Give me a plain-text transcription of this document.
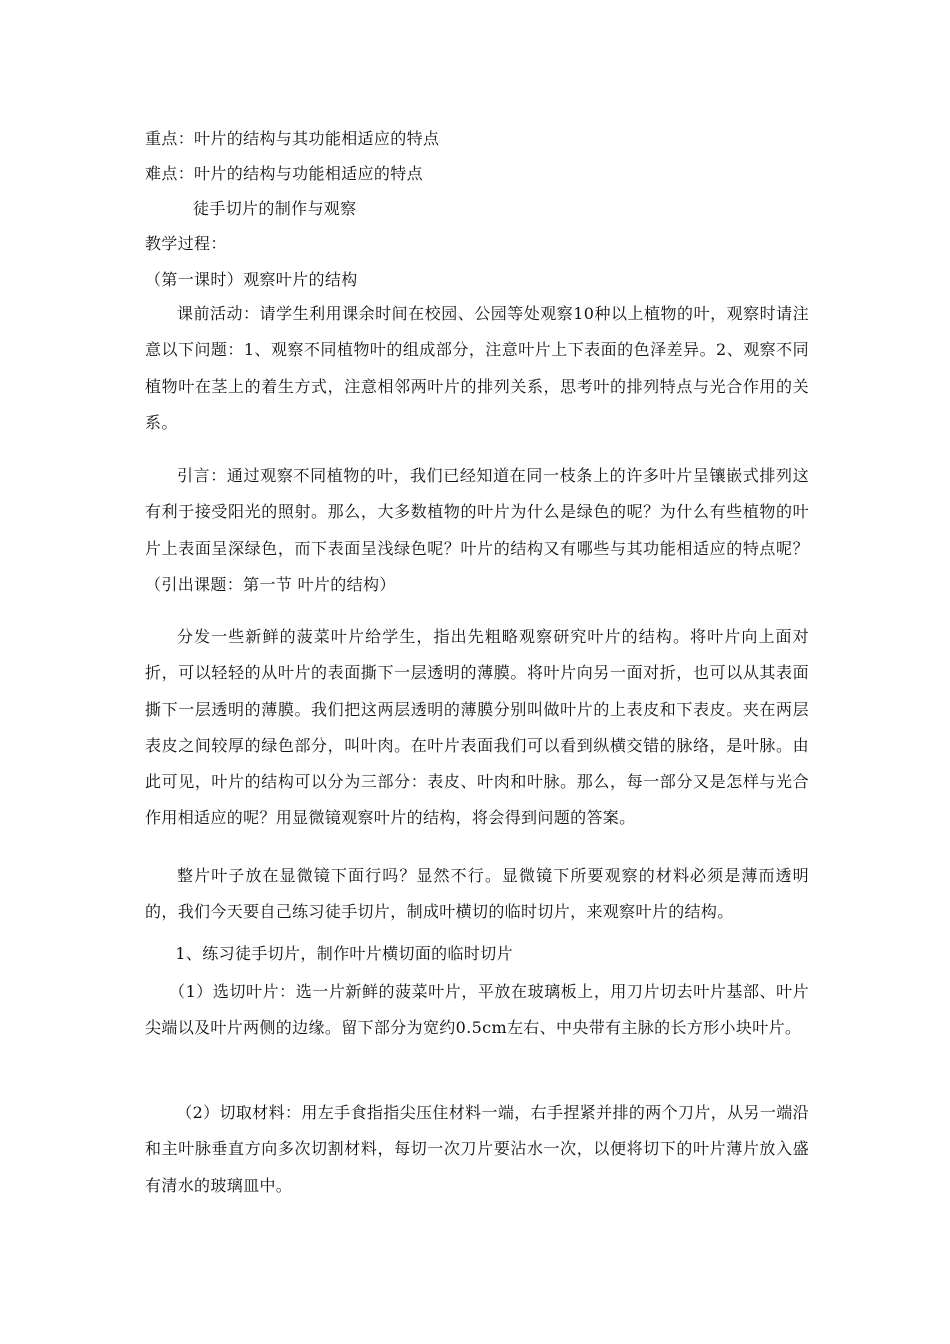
重点：叶片的结构与其功能相适应的特点
难点：叶片的结构与功能相适应的特点
徒手切片的制作与观察
教学过程：
（第一课时）观察叶片的结构
课前活动：请学生利用课余时间在校园、公园等处观察10种以上植物的叶，观察时请注意以下问题：1、观察不同植物叶的组成部分，注意叶片上下表面的色泽差异。2、观察不同植物叶在茎上的着生方式，注意相邻两叶片的排列关系，思考叶的排列特点与光合作用的关系。
引言：通过观察不同植物的叶，我们已经知道在同一枝条上的许多叶片呈镶嵌式排列这有利于接受阳光的照射。那么，大多数植物的叶片为什么是绿色的呢？为什么有些植物的叶片上表面呈深绿色，而下表面呈浅绿色呢？叶片的结构又有哪些与其功能相适应的特点呢？（引出课题：第一节 叶片的结构）
分发一些新鲜的菠菜叶片给学生，指出先粗略观察研究叶片的结构。将叶片向上面对折，可以轻轻的从叶片的表面撕下一层透明的薄膜。将叶片向另一面对折，也可以从其表面撕下一层透明的薄膜。我们把这两层透明的薄膜分别叫做叶片的上表皮和下表皮。夹在两层表皮之间较厚的绿色部分，叫叶肉。在叶片表面我们可以看到纵横交错的脉络，是叶脉。由此可见，叶片的结构可以分为三部分：表皮、叶肉和叶脉。那么，每一部分又是怎样与光合作用相适应的呢？用显微镜观察叶片的结构，将会得到问题的答案。
整片叶子放在显微镜下面行吗？显然不行。显微镜下所要观察的材料必须是薄而透明的，我们今天要自己练习徒手切片，制成叶横切的临时切片，来观察叶片的结构。
1、练习徒手切片，制作叶片横切面的临时切片
（1）选切叶片：选一片新鲜的菠菜叶片，平放在玻璃板上，用刀片切去叶片基部、叶片尖端以及叶片两侧的边缘。留下部分为宽约0.5cm左右、中央带有主脉的长方形小块叶片。
（2）切取材料：用左手食指指尖压住材料一端，右手捏紧并排的两个刀片，从另一端沿和主叶脉垂直方向多次切割材料，每切一次刀片要沾水一次，以便将切下的叶片薄片放入盛有清水的玻璃皿中。
